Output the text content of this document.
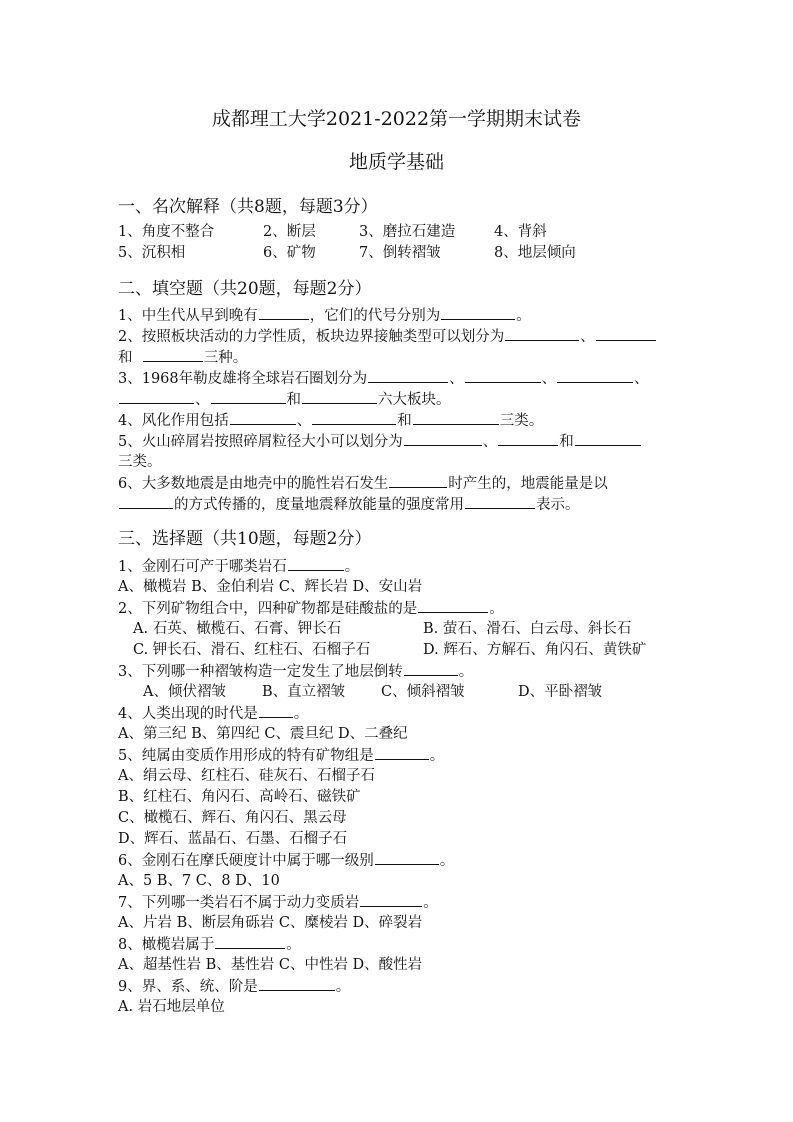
成都理工大学2021-2022第一学期期末试卷
地质学基础
一、名次解释（共8题，每题3分）
1、角度不整合	2、断层	3、磨拉石建造	4、背斜
5、沉积相	6、矿物	7、倒转褶皱	8、地层倾向
二、填空题（共20题，每题2分）
1、中生代从早到晚有	，它们的代号分别为	。
2、按照板块活动的力学性质，板块边界接触类型可以划分为	、
和	三种。
3、1968年勒皮雄将全球岩石圈划分为	、	、	、
、	和	六大板块。
4、风化作用包括	、	和	三类。
5、火山碎屑岩按照碎屑粒径大小可以划分为	、	和
三类。
6、大多数地震是由地壳中的脆性岩石发生	时产生的，地震能量是以
的方式传播的，度量地震释放能量的强度常用	表示。
三、选择题（共10题，每题2分）
1、金刚石可产于哪类岩石	。
A、橄榄岩 B、金伯利岩 C、辉长岩 D、安山岩
2、下列矿物组合中，四种矿物都是硅酸盐的是	。
A. 石英、橄榄石、石膏、钾长石	B. 萤石、滑石、白云母、斜长石
C. 钾长石、滑石、红柱石、石榴子石	D. 辉石、方解石、角闪石、黄铁矿
3、下列哪一种褶皱构造一定发生了地层倒转	。
A、倾伏褶皱 B、直立褶皱 C、倾斜褶皱	D、平卧褶皱
4、人类出现的时代是 。
A、第三纪 B、第四纪 C、震旦纪 D、二叠纪
5、纯属由变质作用形成的特有矿物组是	。
A、绢云母、红柱石、硅灰石、石榴子石
B、红柱石、角闪石、高岭石、磁铁矿
C、橄榄石、辉石、角闪石、黑云母
D、辉石、蓝晶石、石墨、石榴子石
6、金刚石在摩氏硬度计中属于哪一级别	。
A、5 B、7 C、8 D、10
7、下列哪一类岩石不属于动力变质岩	。
A、片岩 B、断层角砾岩 C、糜棱岩 D、碎裂岩
8、橄榄岩属于	。
A、超基性岩 B、基性岩 C、中性岩 D、酸性岩
9、界、系、统、阶是	。
A. 岩石地层单位
